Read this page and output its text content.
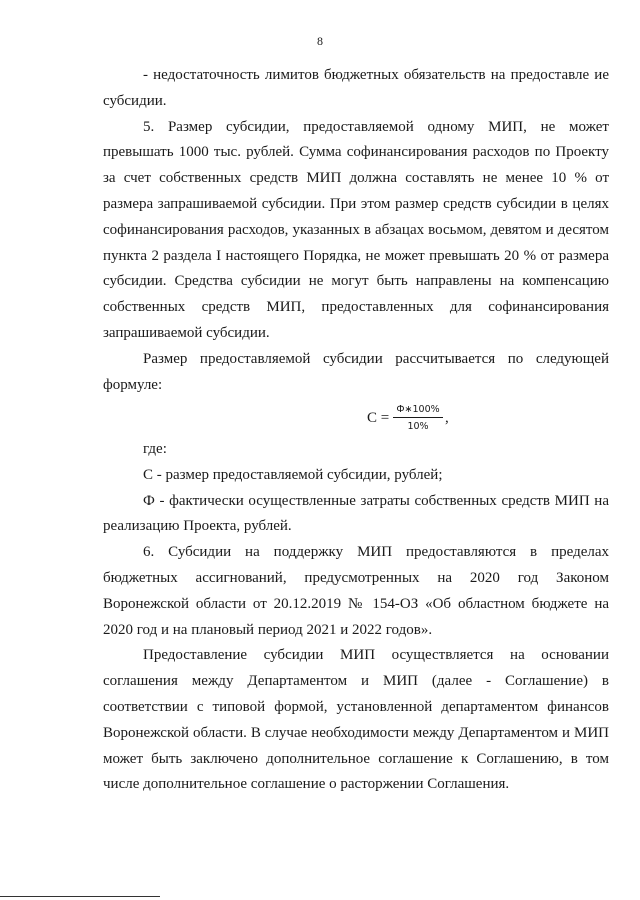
8

- недостаточность лимитов бюджетных обязательств на предоставле ие субсидии.

5. Размер субсидии, предоставляемой одному МИП, не может превышать 1000 тыс. рублей. Сумма софинансирования расходов по Проекту за счет собственных средств МИП должна составлять не менее 10 % от размера запрашиваемой субсидии. При этом размер средств субсидии в целях софинансирования расходов, указанных в абзацах восьмом, девятом и десятом пункта 2 раздела I настоящего Порядка, не может превышать 20 % от размера субсидии. Средства субсидии не могут быть направлены на компенсацию собственных средств МИП, предоставленных для софинансирования запрашиваемой субсидии.

Размер предоставляемой субсидии рассчитывается по следующей формуле:

С =
Ф∗100%
10%
,

где:

С - размер предоставляемой субсидии, рублей;

Ф - фактически осуществленные затраты собственных средств МИП на реализацию Проекта, рублей.

6. Субсидии на поддержку МИП предоставляются в пределах бюджетных ассигнований, предусмотренных на 2020 год Законом Воронежской области от 20.12.2019 № 154-ОЗ «Об областном бюджете на 2020 год и на плановый период 2021 и 2022 годов».

Предоставление субсидии МИП осуществляется на основании соглашения между Департаментом и МИП (далее - Соглашение) в соответствии с типовой формой, установленной департаментом финансов Воронежской области. В случае необходимости между Департаментом и МИП может быть заключено дополнительное соглашение к Соглашению, в том числе дополнительное соглашение о расторжении Соглашения.
